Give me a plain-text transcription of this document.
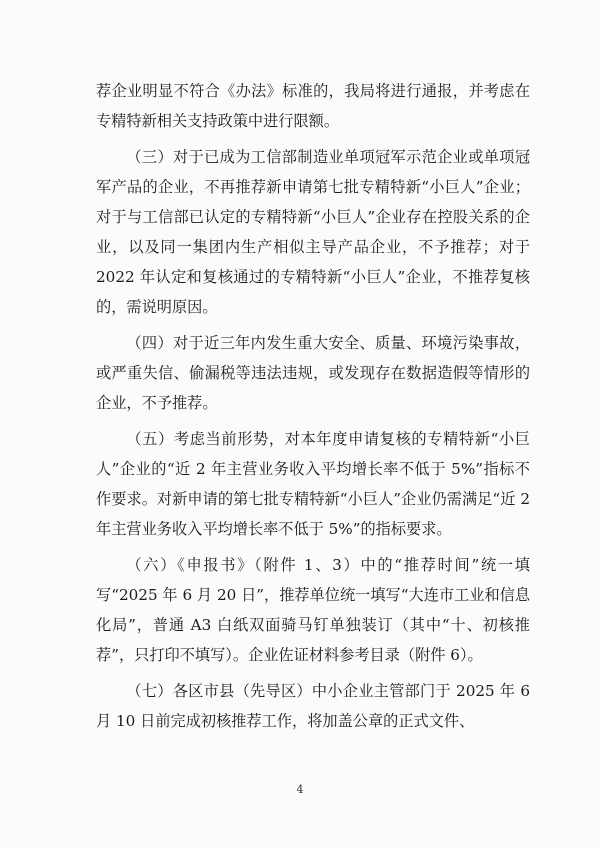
荐企业明显不符合《办法》标准的，我局将进行通报，并考虑在专精特新相关支持政策中进行限额。

（三）对于已成为工信部制造业单项冠军示范企业或单项冠军产品的企业，不再推荐新申请第七批专精特新“小巨人”企业；对于与工信部已认定的专精特新“小巨人”企业存在控股关系的企业，以及同一集团内生产相似主导产品企业，不予推荐；对于 2022 年认定和复核通过的专精特新“小巨人”企业，不推荐复核的，需说明原因。

（四）对于近三年内发生重大安全、质量、环境污染事故，或严重失信、偷漏税等违法违规，或发现存在数据造假等情形的企业，不予推荐。

（五）考虑当前形势，对本年度申请复核的专精特新“小巨人”企业的“近 2 年主营业务收入平均增长率不低于 5%”指标不作要求。对新申请的第七批专精特新“小巨人”企业仍需满足“近 2 年主营业务收入平均增长率不低于 5%”的指标要求。

（六）《申报书》（附件 1、3）中的“推荐时间”统一填写“2025 年 6 月 20 日”，推荐单位统一填写“大连市工业和信息化局”，普通 A3 白纸双面骑马钉单独装订（其中“十、初核推荐”，只打印不填写）。企业佐证材料参考目录（附件 6）。

（七）各区市县（先导区）中小企业主管部门于 2025 年 6 月 10 日前完成初核推荐工作，将加盖公章的正式文件、

4
